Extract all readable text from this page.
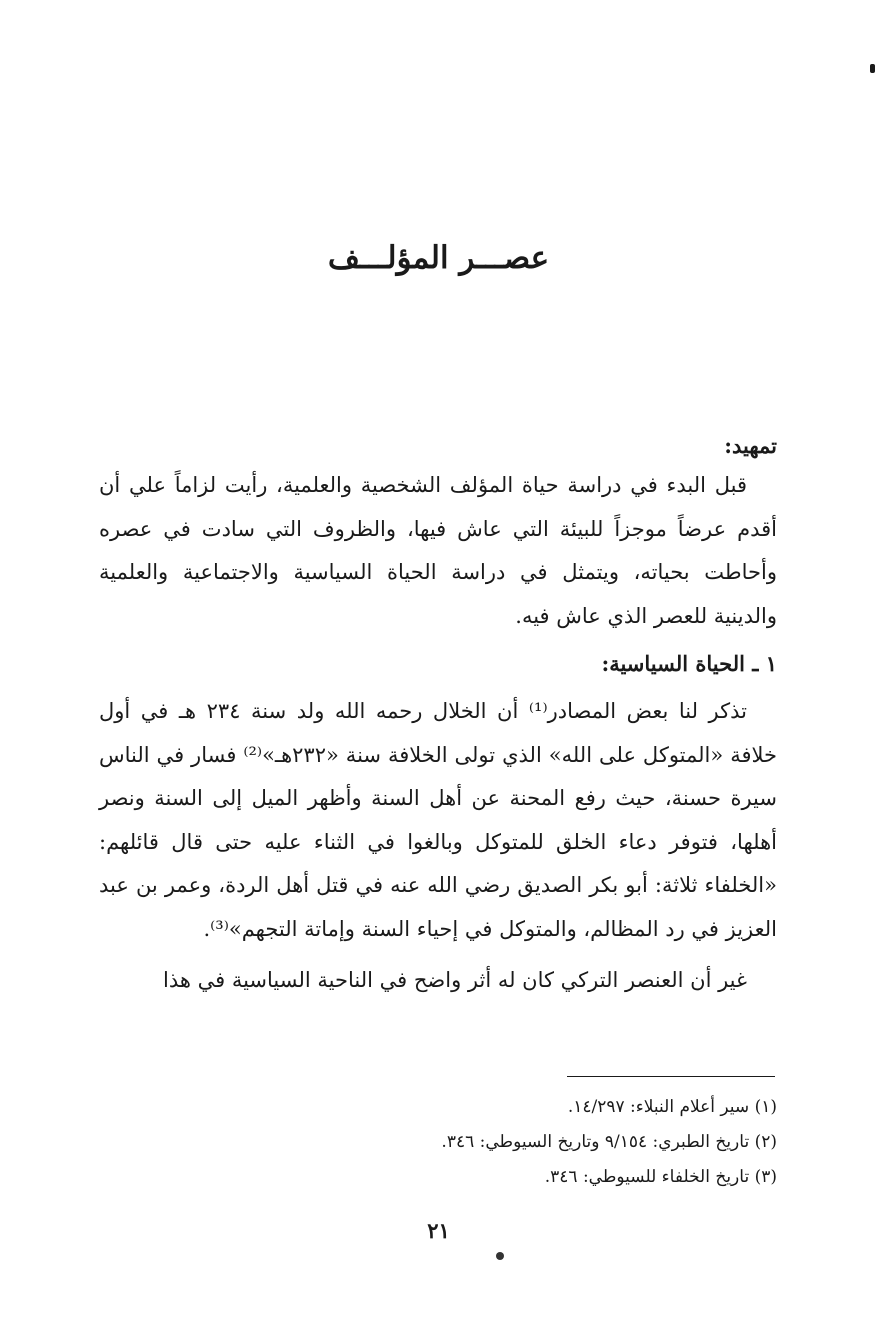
عصـــر المؤلـــف

تمهيد:

قبل البدء في دراسة حياة المؤلف الشخصية والعلمية، رأيت لزاماً علي أن أقدم عرضاً موجزاً للبيئة التي عاش فيها، والظروف التي سادت في عصره وأحاطت بحياته، ويتمثل في دراسة الحياة السياسية والاجتماعية والعلمية والدينية للعصر الذي عاش فيه.

١ ـ الحياة السياسية:

تذكر لنا بعض المصادر⁽¹⁾ أن الخلال رحمه الله ولد سنة ٢٣٤ هـ في أول خلافة «المتوكل على الله» الذي تولى الخلافة سنة «٢٣٢هـ»⁽²⁾ فسار في الناس سيرة حسنة، حيث رفع المحنة عن أهل السنة وأظهر الميل إلى السنة ونصر أهلها، فتوفر دعاء الخلق للمتوكل وبالغوا في الثناء عليه حتى قال قائلهم: «الخلفاء ثلاثة: أبو بكر الصديق رضي الله عنه في قتل أهل الردة، وعمر بن عبد العزيز في رد المظالم، والمتوكل في إحياء السنة وإماتة التجهم»⁽³⁾.

غير أن العنصر التركي كان له أثر واضح في الناحية السياسية في هذا

(١) سير أعلام النبلاء: ١٤/٢٩٧.

(٢) تاريخ الطبري: ٩/١٥٤ وتاريخ السيوطي: ٣٤٦.

(٣) تاريخ الخلفاء للسيوطي: ٣٤٦.

٢١
